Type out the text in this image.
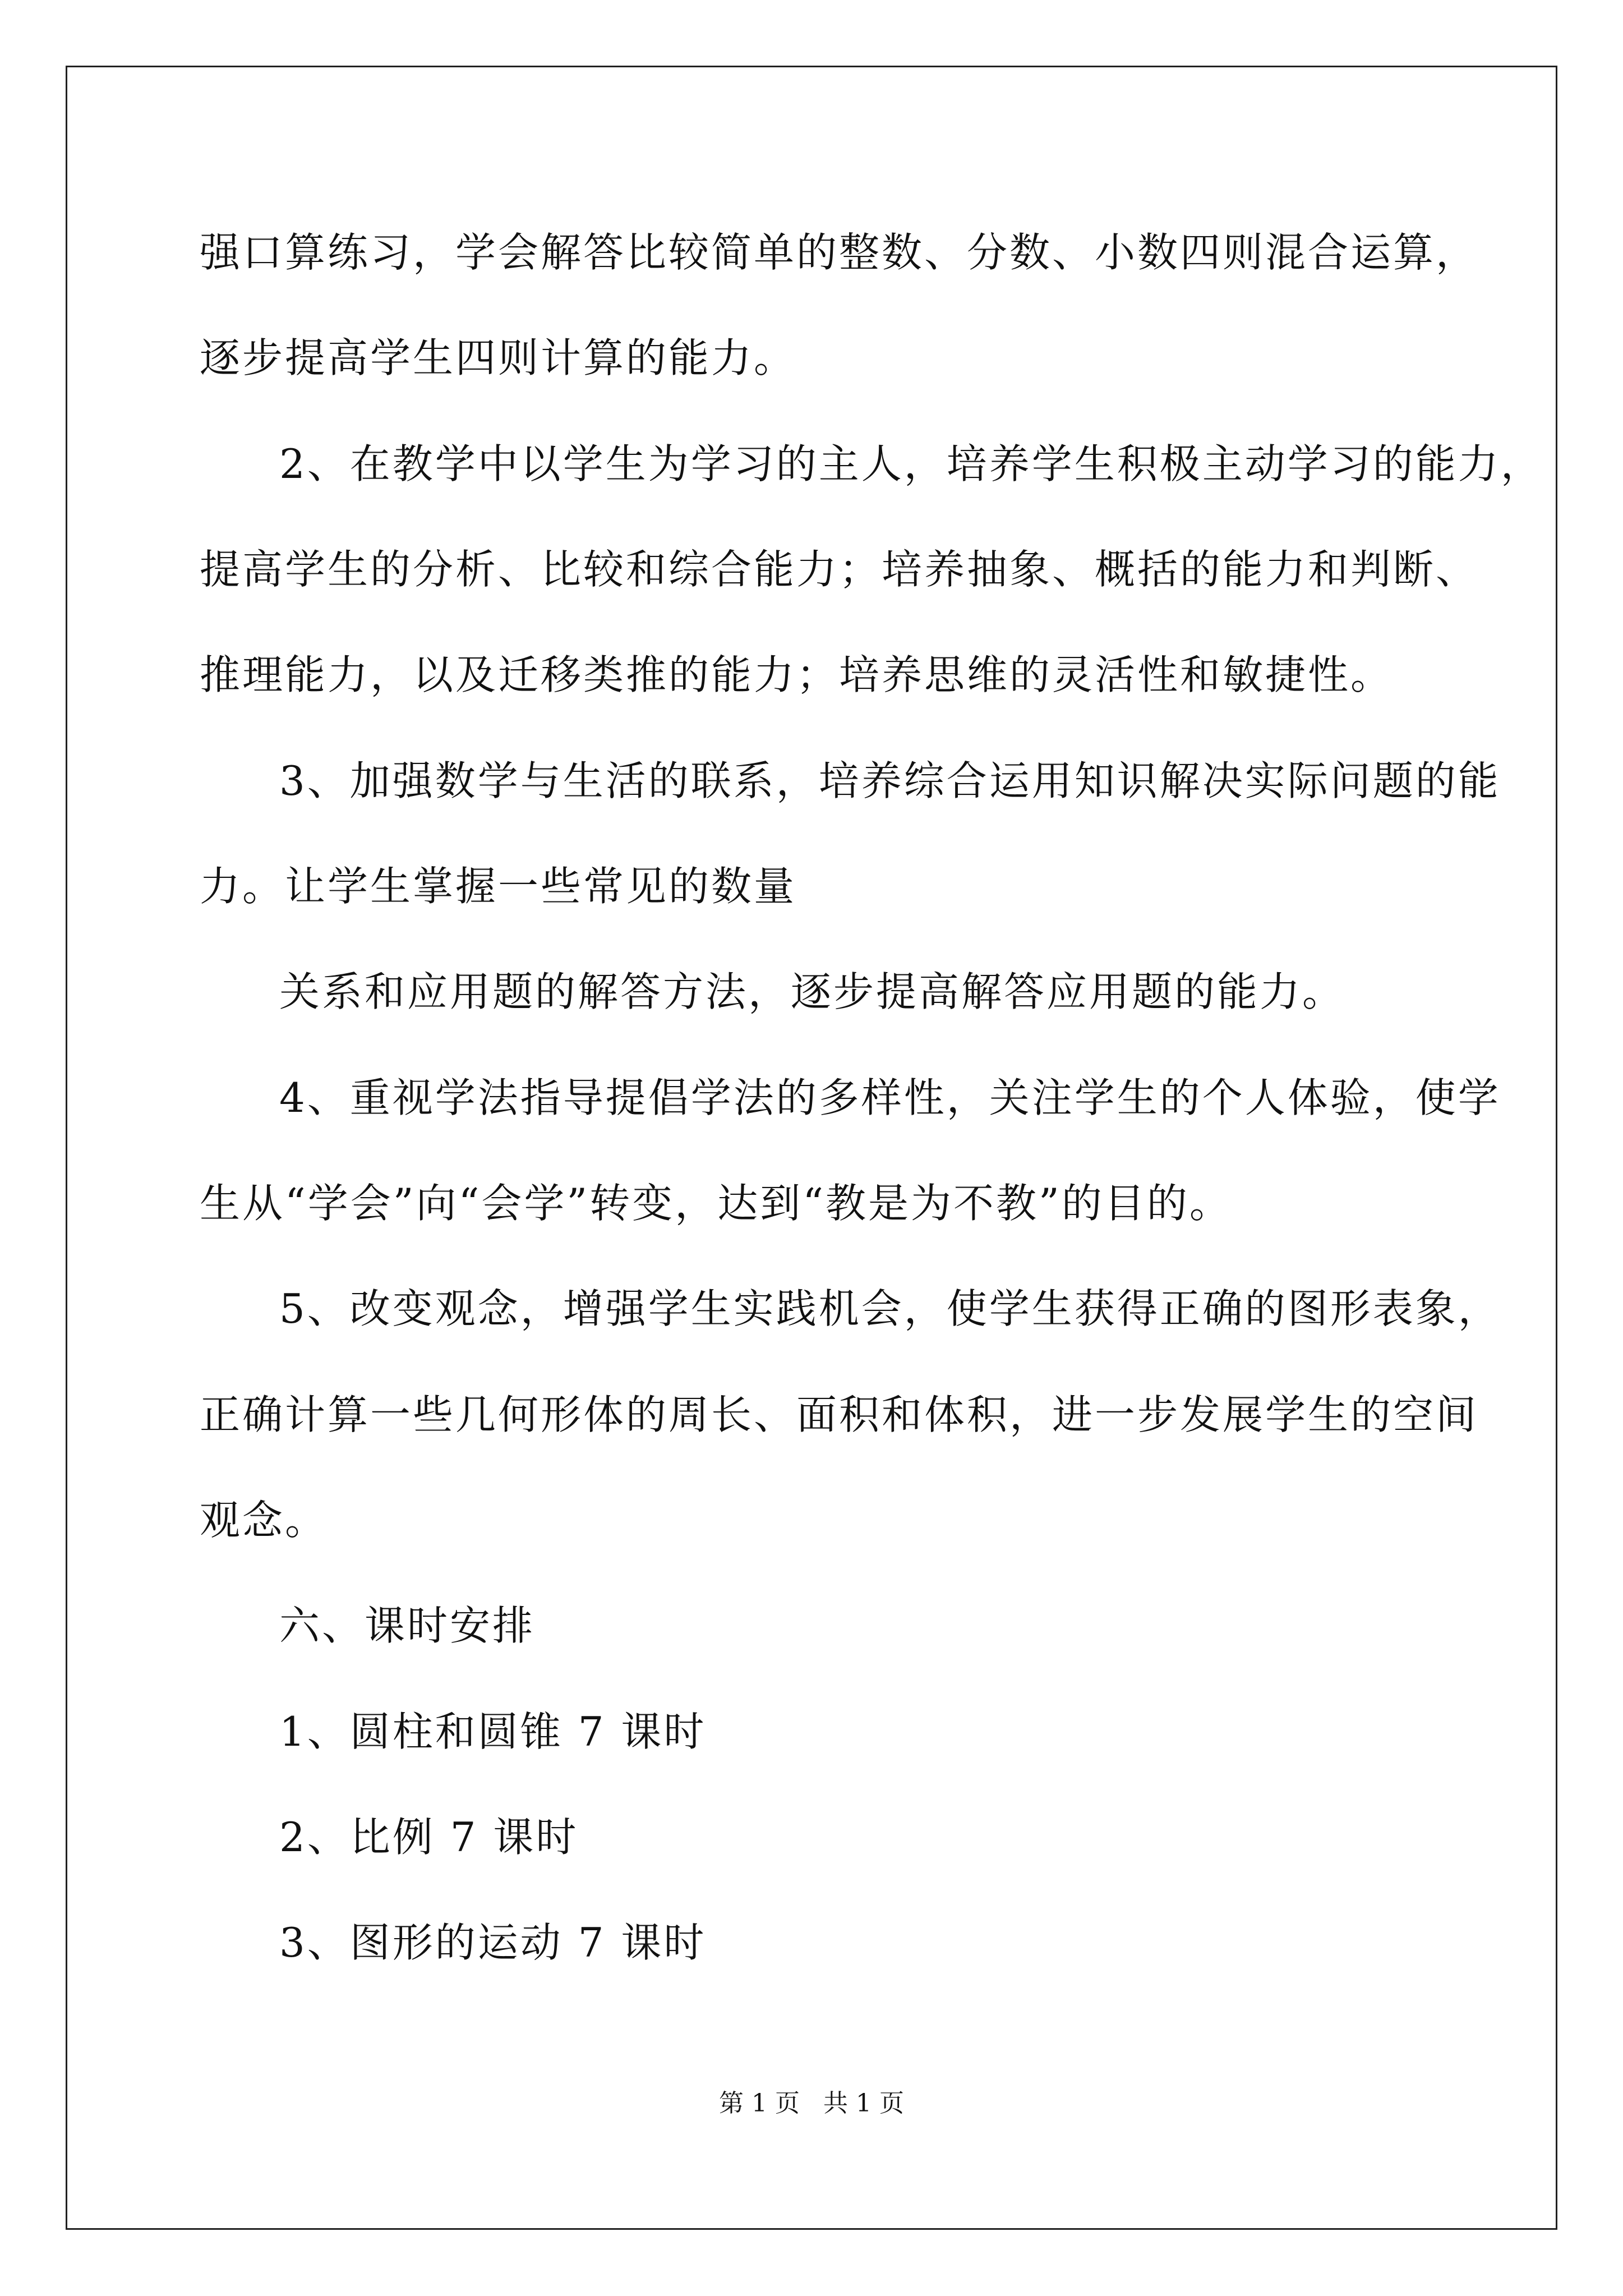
强口算练习，学会解答比较简单的整数、分数、小数四则混合运算，
逐步提高学生四则计算的能力。
2、在教学中以学生为学习的主人，培养学生积极主动学习的能力，
提高学生的分析、比较和综合能力；培养抽象、概括的能力和判断、
推理能力，以及迁移类推的能力；培养思维的灵活性和敏捷性。
3、加强数学与生活的联系，培养综合运用知识解决实际问题的能
力。让学生掌握一些常见的数量
关系和应用题的解答方法，逐步提高解答应用题的能力。
4、重视学法指导提倡学法的多样性，关注学生的个人体验，使学
生从“学会”向“会学”转变，达到“教是为不教”的目的。
5、改变观念，增强学生实践机会，使学生获得正确的图形表象，
正确计算一些几何形体的周长、面积和体积，进一步发展学生的空间
观念。
六、课时安排
1、圆柱和圆锥 7 课时
2、比例 7 课时
3、图形的运动 7 课时
第 1 页   共 1 页
